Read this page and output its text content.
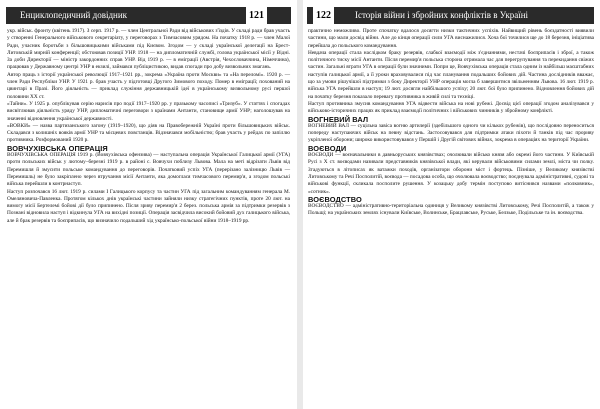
Енциклопедичний довідник	121

укр. військ. фронту (квітень 1917). З серп. 1917 р. — член Центральної Ради від військових з'їздів. У складі ради брав участь у створенні Генерального військового секретаріату, у переговорах з Тимчасовим урядом. На початку 1918 р. — член Малої Ради, учасник боротьби з більшовицькими військами під Києвом. Згодом — у складі української делегації на Брест-Литовській мирній конференції; обстоював позиції УНР. 1918 — на дипломатичній службі, голова української місії у Відні. За доби Директорії — міністр закордонних справ УНР. Від 1919 р. — в еміграції (Австрія, Чехословаччина, Німеччина), працював у Державному центрі УНР в екзилі, займався публіцистикою, видав спогади про добу визвольних змагань.

Автор праць з історії української революції 1917–1921 рр., зокрема «Україна проти Москви» та «На переломі». 1920 р. — член Ради Республіки УНР. У 1921 р. брав участь у підготовці Другого Зимового походу. Помер в еміграції; похований на цвинтарі в Празі. Його діяльність — приклад служіння державницькій ідеї в українському визвольному русі першої половини XX ст.

«Тайни». У 1925 р. опублікував серію нарисів про події 1917–1920 рр. у празькому часописі «Тризуб». У статтях і спогадах висвітлював діяльність уряду УНР, дипломатичні переговори з країнами Антанти, становище армії УНР; наголошував на значенні відновлення української державності.

«ВОВКИ» — назва партизанського загону (1919–1920), що діяв на Правобережній Україні проти більшовицьких військ. Складався з колишніх вояків армії УНР та місцевих повстанців. Відзначався мобільністю; брав участь у рейдах по запіллю противника. Розформований 1920 р.

ВОВЧУХІВСЬКА ОПЕРАЦІЯ

ВОВЧУХІВСЬКА ОПЕРАЦІЯ 1919 р. (Вовчухівська офензива) — наступальна операція Української Галицької армії (УГА) проти польських військ у лютому–березні 1919 р. в районі с. Вовчухи поблизу Львова. Мала на меті відрізати Львів від Перемишля й змусити польське командування до переговорів. Початковий успіх УГА (перерізано залізницю Львів — Перемишль) не було закріплено через втручання місії Антанти, яка домоглася тимчасового перемир'я, а згодом польські війська перейшли в контрнаступ.

Наступ розпочався 16 лют. 1919 р. силами I Галицького корпусу та частин УГА під загальним командуванням генерала М. Омеляновича-Павленка. Протягом кількох днів українські частини зайняли низку стратегічних пунктів, проте 20 лют. на вимогу місії Бертелемі бойові дії було припинено. Після зриву перемир'я 2 берез. польська армія за підтримки резервів з Познані відновила наступ і відкинула УГА на вихідні позиції. Операція засвідчила високий бойовий дух галицького війська, але й брак резервів та боєприпасів, що визначило подальший хід українсько-польської війни 1918–1919 рр.

122	Історія війни і збройних конфліктів в Україні

практично неможливо. Проте спочатку вдалося досягти низки тактичних успіхів. Найвищий рівень боєздатності виявили частини, що мали досвід війни. Але до кінця операції сили УГА виснажилися. Хоча бої точилися ще до 18 березня, ініціатива перейшла до польського командування.

Невдача операції стала наслідком браку резервів, слабкої взаємодії між з'єднаннями, нестачі боєприпасів і зброї, а також політичного тиску місії Антанти. Після перемир'я польська сторона отримала час для перегрупування та перекидання свіжих частин. Загальні втрати УГА в операції були значними. Попри це, Вовчухівська операція стала одним із найбільш масштабних наступів галицької армії, а її уроки враховувалися під час планування подальших бойових дій. Частина дослідників вважає, що за умови рішучішої підтримки з боку Директорії УНР операція могла б завершитися звільненням Львова. 16 лют. 1919 р. війська УГА перейшли в наступ; 19 лют. досягли найбільшого успіху; 20 лют. бої було припинено. Відновлення бойових дій на початку березня показало перевагу противника в живій силі та техніці.

Наступ противника змусив командування УГА відвести війська на нові рубежі. Досвід цієї операції згодом аналізувався у військово-історичних працях як приклад взаємодії політичних і військових чинників у збройному конфлікті.

ВОГНЕВИЙ ВАЛ

ВОГНЕВИЙ ВАЛ — суцільна завіса вогню артилерії (здебільшого одного чи кількох рубежів), що послідовно переноситься попереду наступаючих військ на певну відстань. Застосовувався для підтримки атаки піхоти й танків під час прориву укріпленої оборони; широко використовувався у Першій і Другій світових війнах, зокрема в операціях на території України.

ВОЄВОДИ

ВОЄВОДИ — воєначальники в давньоруських князівствах; очолювали військо князя або окремі його частини. У Київській Русі з X ст. воєводами називали представників князівської влади, які керували військовими силами землі, міста чи полку. Згадуються в літописах як ватажки походів, організатори оборони міст і фортець. Пізніше, у Великому князівстві Литовському та Речі Посполитій, воєвода — посадова особа, що очолювала воєводство; поєднувала адміністративні, судові та військові функції, скликала посполите рушення. У козацьку добу термін поступово витіснився назвами «полковник», «сотник».

ВОЄВОДСТВО

ВОЄВОДСТВО — адміністративно-територіальна одиниця у Великому князівстві Литовському, Речі Посполитій, а також у Польщі; на українських землях існували Київське, Волинське, Брацлавське, Руське, Белзьке, Подільське та ін. воєводства.
